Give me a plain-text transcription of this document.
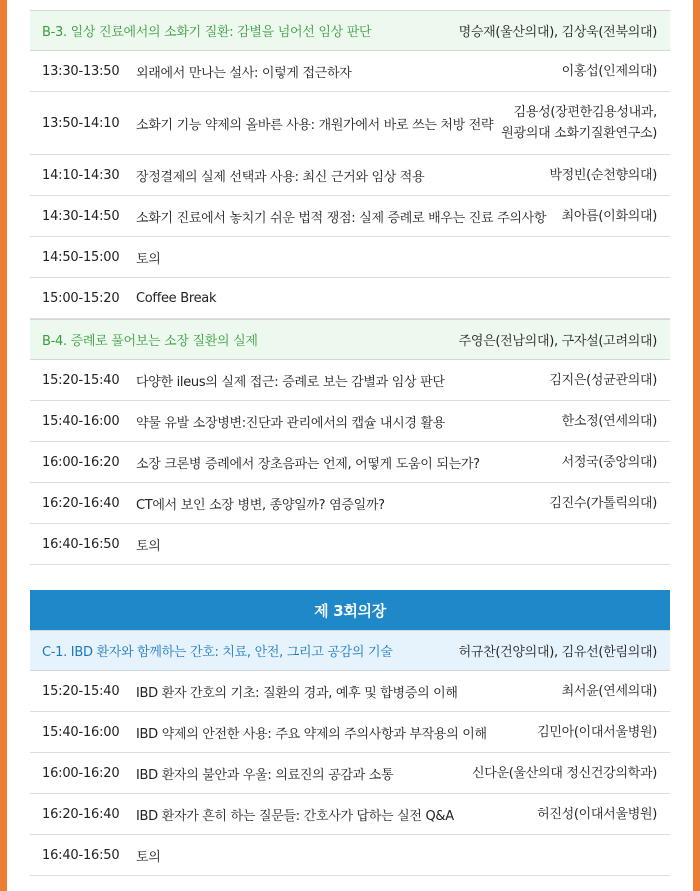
B-3. 일상 진료에서의 소화기 질환: 감별을 넘어선 임상 판단	명승재(울산의대), 김상욱(전북의대)
13:30-13:50	외래에서 만나는 설사: 이렇게 접근하자	이홍섭(인제의대)
13:50-14:10	소화기 기능 약제의 올바른 사용: 개원가에서 바로 쓰는 처방 전략
김용성(장편한김용성내과,
원광의대 소화기질환연구소)
14:10-14:30	장정결제의 실제 선택과 사용: 최신 근거와 임상 적용	박정빈(순천향의대)
14:30-14:50	소화기 진료에서 놓치기 쉬운 법적 쟁점: 실제 증례로 배우는 진료 주의사항	최아름(이화의대)
14:50-15:00	토의
15:00-15:20	Coffee Break
B-4. 증례로 풀어보는 소장 질환의 실제	주영은(전남의대), 구자설(고려의대)
15:20-15:40	다양한 ileus의 실제 접근: 증례로 보는 감별과 임상 판단	김지은(성균관의대)
15:40-16:00	약물 유발 소장병변:진단과 관리에서의 캡슐 내시경 활용	한소정(연세의대)
16:00-16:20	소장 크론병 증례에서 장초음파는 언제, 어떻게 도움이 되는가?	서정국(중앙의대)
16:20-16:40	CT에서 보인 소장 병변, 종양일까? 염증일까?	김진수(가톨릭의대)
16:40-16:50	토의
제 3회의장
C-1. IBD 환자와 함께하는 간호: 치료, 안전, 그리고 공감의 기술	허규찬(건양의대), 김유선(한림의대)
15:20-15:40	IBD 환자 간호의 기초: 질환의 경과, 예후 및 합병증의 이해	최서윤(연세의대)
15:40-16:00	IBD 약제의 안전한 사용: 주요 약제의 주의사항과 부작용의 이해	김민아(이대서울병원)
16:00-16:20	IBD 환자의 불안과 우울: 의료진의 공감과 소통	신다운(울산의대 정신건강의학과)
16:20-16:40	IBD 환자가 흔히 하는 질문들: 간호사가 답하는 실전 Q&A	허진성(이대서울병원)
16:40-16:50	토의
